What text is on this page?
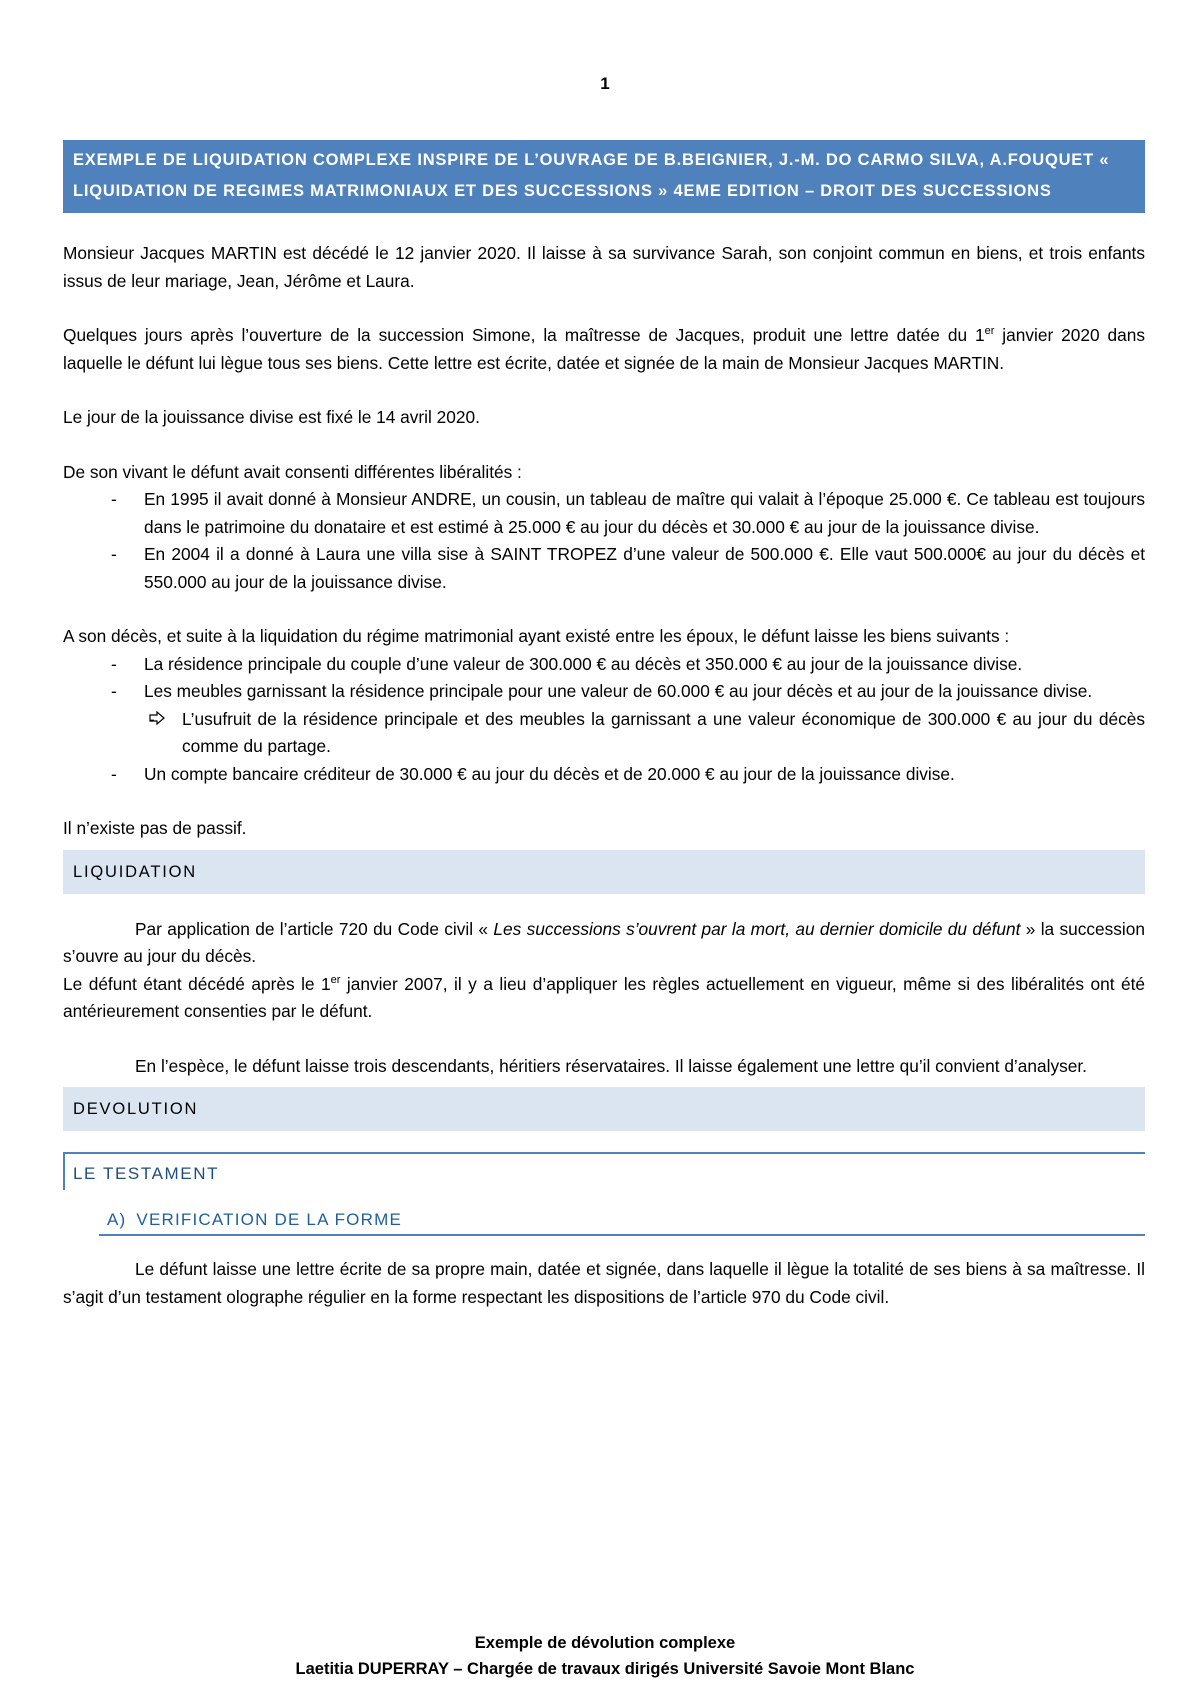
1
EXEMPLE DE LIQUIDATION COMPLEXE INSPIRE DE L’OUVRAGE DE B.BEIGNIER, J.-M. DO CARMO SILVA, A.FOUQUET « LIQUIDATION DE REGIMES MATRIMONIAUX ET DES SUCCESSIONS » 4EME EDITION – DROIT DES SUCCESSIONS

Monsieur Jacques MARTIN est décédé le 12 janvier 2020. Il laisse à sa survivance Sarah, son conjoint commun en biens, et trois enfants issus de leur mariage, Jean, Jérôme et Laura.

Quelques jours après l’ouverture de la succession Simone, la maîtresse de Jacques, produit une lettre datée du 1er janvier 2020 dans laquelle le défunt lui lègue tous ses biens. Cette lettre est écrite, datée et signée de la main de Monsieur Jacques MARTIN.

Le jour de la jouissance divise est fixé le 14 avril 2020.

De son vivant le défunt avait consenti différentes libéralités :

- En 1995 il avait donné à Monsieur ANDRE, un cousin, un tableau de maître qui valait à l’époque 25.000 €. Ce tableau est toujours dans le patrimoine du donataire et est estimé à 25.000 € au jour du décès et 30.000 € au jour de la jouissance divise.
- En 2004 il a donné à Laura une villa sise à SAINT TROPEZ d’une valeur de 500.000 €. Elle vaut 500.000€ au jour du décès et 550.000 au jour de la jouissance divise.

A son décès, et suite à la liquidation du régime matrimonial ayant existé entre les époux, le défunt laisse les biens suivants :

- La résidence principale du couple d’une valeur de 300.000 € au décès et 350.000 € au jour de la jouissance divise.
- Les meubles garnissant la résidence principale pour une valeur de 60.000 € au jour décès et au jour de la jouissance divise.
- L’usufruit de la résidence principale et des meubles la garnissant a une valeur économique de 300.000 € au jour du décès comme du partage.
- Un compte bancaire créditeur de 30.000 € au jour du décès et de 20.000 € au jour de la jouissance divise.

Il n’existe pas de passif.

LIQUIDATION

Par application de l’article 720 du Code civil « Les successions s’ouvrent par la mort, au dernier domicile du défunt » la succession s’ouvre au jour du décès.

Le défunt étant décédé après le 1er janvier 2007, il y a lieu d’appliquer les règles actuellement en vigueur, même si des libéralités ont été antérieurement consenties par le défunt.

En l’espèce, le défunt laisse trois descendants, héritiers réservataires. Il laisse également une lettre qu’il convient d’analyser.

DEVOLUTION
LE TESTAMENT
A) VERIFICATION DE LA FORME

Le défunt laisse une lettre écrite de sa propre main, datée et signée, dans laquelle il lègue la totalité de ses biens à sa maîtresse. Il s’agit d’un testament olographe régulier en la forme respectant les dispositions de l’article 970 du Code civil.

Exemple de dévolution complexe
Laetitia DUPERRAY – Chargée de travaux dirigés Université Savoie Mont Blanc
